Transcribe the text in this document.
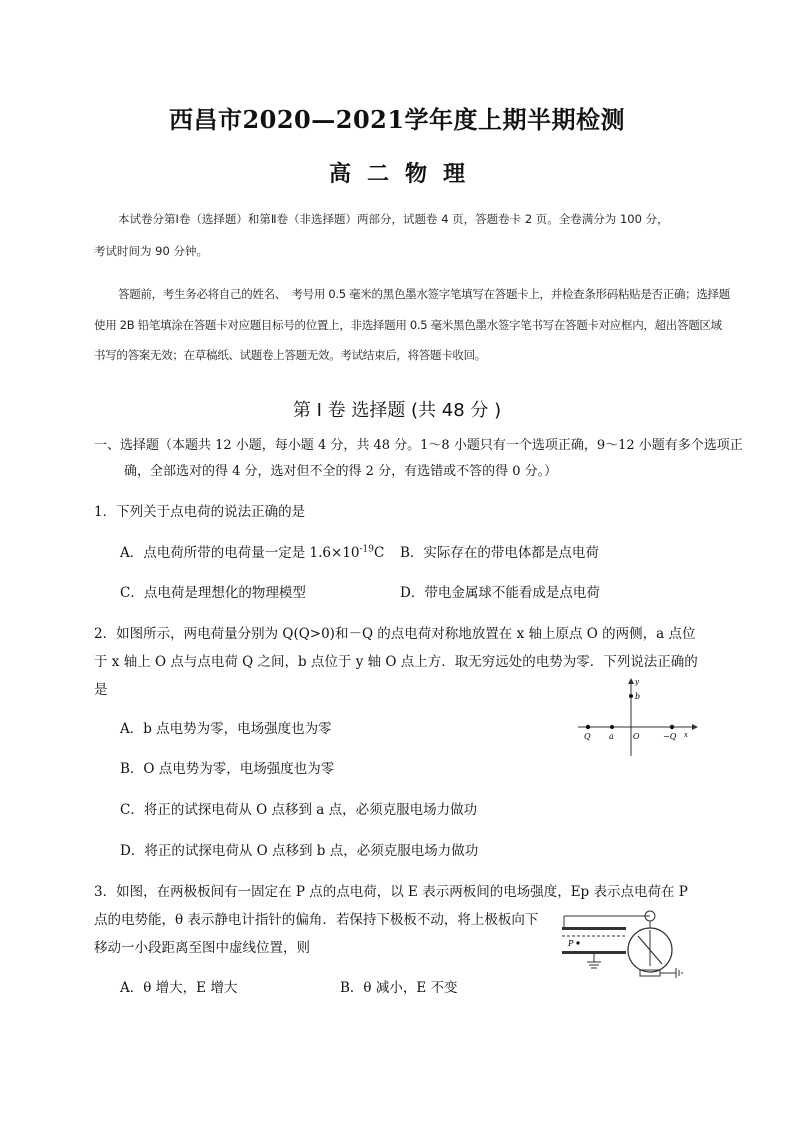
西昌市2020—2021学年度上期半期检测
高二物理
本试卷分第Ⅰ卷（选择题）和第Ⅱ卷（非选择题）两部分，试题卷 4 页，答题卷卡 2 页。全卷满分为 100 分，
考试时间为 90 分钟。
答题前，考生务必将自己的姓名、　考号用 0.5 毫米的黑色墨水签字笔填写在答题卡上，并检查条形码粘贴是否正确；选择题
使用 2B 铅笔填涂在答题卡对应题目标号的位置上，非选择题用 0.5 毫米黑色墨水签字笔书写在答题卡对应框内，超出答题区域
书写的答案无效；在草稿纸、试题卷上答题无效。考试结束后，将答题卡收回。
第 I 卷 选择题 (共 48 分 )
一、选择题（本题共 12 小题，每小题 4 分，共 48 分。1～8 小题只有一个选项正确，9～12 小题有多个选项正
确，全部选对的得 4 分，选对但不全的得 2 分，有选错或不答的得 0 分。）
1．下列关于点电荷的说法正确的是
A．点电荷所带的电荷量一定是 $1.6\times 10^{-19}C$ B．实际存在的带电体都是点电荷
C．点电荷是理想化的物理模型	D．带电金属球不能看成是点电荷
2．如图所示，两电荷量分别为 Q(Q>0)和－Q 的点电荷对称地放置在 x 轴上原点 O 的两侧，a 点位
于 x 轴上 O 点与点电荷 Q 之间，b 点位于 y 轴 O 点上方．取无穷远处的电势为零．下列说法正确的
是
A．b 点电势为零，电场强度也为零
B．O 点电势为零，电场强度也为零
C．将正的试探电荷从 O 点移到 a 点，必须克服电场力做功
D．将正的试探电荷从 O 点移到 b 点，必须克服电场力做功
y
b
Q a O	−Q x
3．如图，在两极板间有一固定在 P 点的点电荷，以 E 表示两板间的电场强度，Ep 表示点电荷在 P
点的电势能，θ 表示静电计指针的偏角．若保持下极板不动，将上极板向下
移动一小段距离至图中虚线位置，则
A．θ 增大，E 增大	B．θ 减小，E 不变
P
